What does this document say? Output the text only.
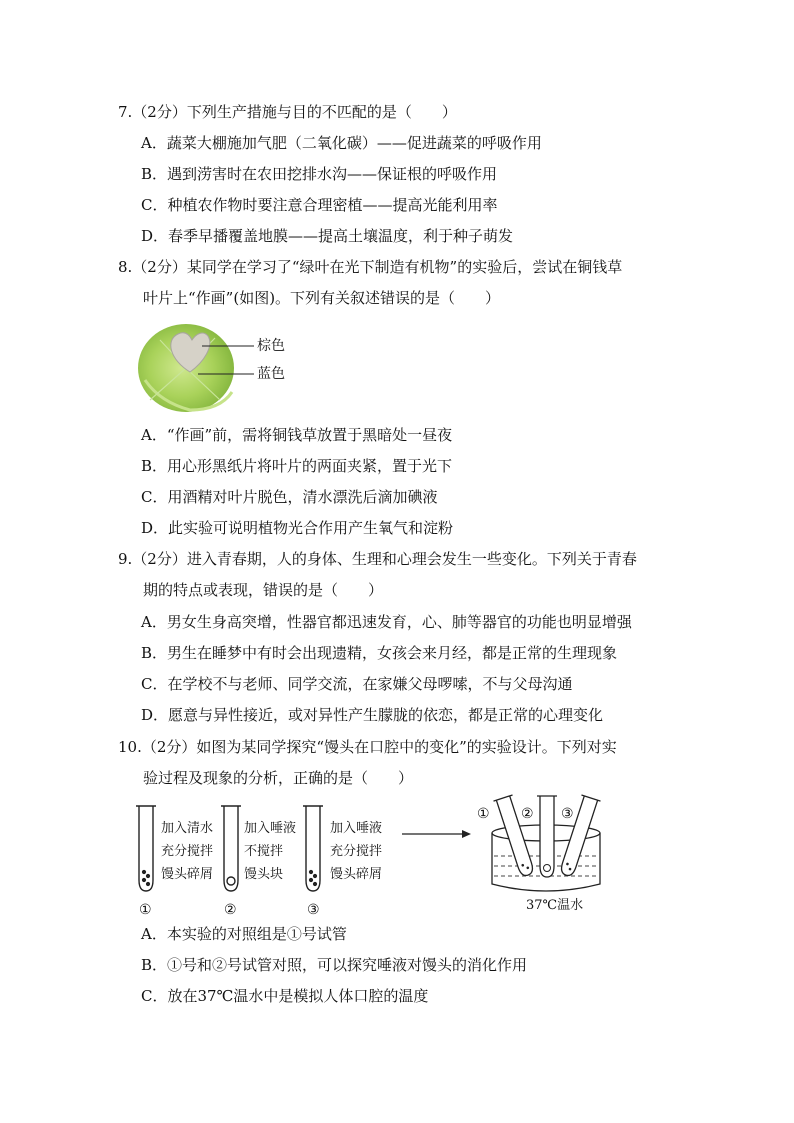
7.（2分）下列生产措施与目的不匹配的是（　　）
A．蔬菜大棚施加气肥（二氧化碳）——促进蔬菜的呼吸作用
B．遇到涝害时在农田挖排水沟——保证根的呼吸作用
C．种植农作物时要注意合理密植——提高光能利用率
D．春季早播覆盖地膜——提高土壤温度，利于种子萌发
8.（2分）某同学在学习了“绿叶在光下制造有机物”的实验后，尝试在铜钱草
叶片上“作画”(如图)。下列有关叙述错误的是（　　）
棕色
蓝色
A．“作画”前，需将铜钱草放置于黑暗处一昼夜
B．用心形黑纸片将叶片的两面夹紧，置于光下
C．用酒精对叶片脱色，清水漂洗后滴加碘液
D．此实验可说明植物光合作用产生氧气和淀粉
9.（2分）进入青春期，人的身体、生理和心理会发生一些变化。下列关于青春
期的特点或表现，错误的是（　　）
A．男女生身高突增，性器官都迅速发育，心、肺等器官的功能也明显增强
B．男生在睡梦中有时会出现遗精，女孩会来月经，都是正常的生理现象
C．在学校不与老师、同学交流，在家嫌父母啰嗦，不与父母沟通
D．愿意与异性接近，或对异性产生朦胧的依恋，都是正常的心理变化
10.（2分）如图为某同学探究“馒头在口腔中的变化”的实验设计。下列对实
验过程及现象的分析，正确的是（　　）
加入清水
充分搅拌
馒头碎屑
加入唾液
不搅拌
馒头块
加入唾液
充分搅拌
馒头碎屑
①	②	③
① ② ③
37℃温水
A．本实验的对照组是①号试管
B．①号和②号试管对照，可以探究唾液对馒头的消化作用
C．放在37℃温水中是模拟人体口腔的温度
